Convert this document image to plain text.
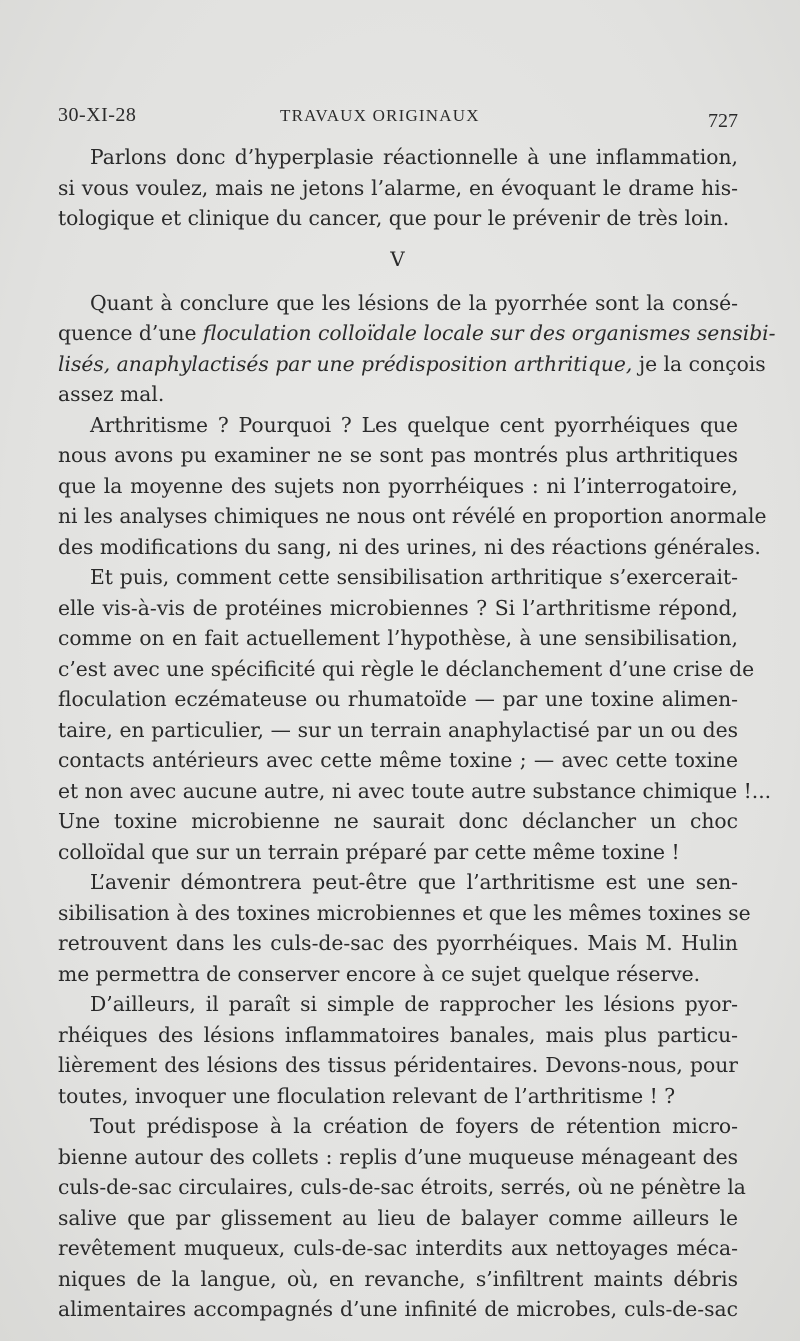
30-XI-28	TRAVAUX ORIGINAUX	727
Parlons donc d’hyperplasie réactionnelle à une inflammation,
si vous voulez, mais ne jetons l’alarme, en évoquant le drame his-
tologique et clinique du cancer, que pour le prévenir de très loin.
V
Quant à conclure que les lésions de la pyorrhée sont la consé-
quence d’une floculation colloïdale locale sur des organismes sensibi-
lisés, anaphylactisés par une prédisposition arthritique, je la conçois
assez mal.
Arthritisme ? Pourquoi ? Les quelque cent pyorrhéiques que
nous avons pu examiner ne se sont pas montrés plus arthritiques
que la moyenne des sujets non pyorrhéiques : ni l’interrogatoire,
ni les analyses chimiques ne nous ont révélé en proportion anormale
des modifications du sang, ni des urines, ni des réactions générales.
Et puis, comment cette sensibilisation arthritique s’exercerait-
elle vis-à-vis de protéines microbiennes ? Si l’arthritisme répond,
comme on en fait actuellement l’hypothèse, à une sensibilisation,
c’est avec une spécificité qui règle le déclanchement d’une crise de
floculation eczémateuse ou rhumatoïde — par une toxine alimen-
taire, en particulier, — sur un terrain anaphylactisé par un ou des
contacts antérieurs avec cette même toxine ; — avec cette toxine
et non avec aucune autre, ni avec toute autre substance chimique !...
Une toxine microbienne ne saurait donc déclancher un choc
colloïdal que sur un terrain préparé par cette même toxine !
L’avenir démontrera peut-être que l’arthritisme est une sen-
sibilisation à des toxines microbiennes et que les mêmes toxines se
retrouvent dans les culs-de-sac des pyorrhéiques. Mais M. Hulin
me permettra de conserver encore à ce sujet quelque réserve.
D’ailleurs, il paraît si simple de rapprocher les lésions pyor-
rhéiques des lésions inflammatoires banales, mais plus particu-
lièrement des lésions des tissus péridentaires. Devons-nous, pour
toutes, invoquer une floculation relevant de l’arthritisme ! ?
Tout prédispose à la création de foyers de rétention micro-
bienne autour des collets : replis d’une muqueuse ménageant des
culs-de-sac circulaires, culs-de-sac étroits, serrés, où ne pénètre la
salive que par glissement au lieu de balayer comme ailleurs le
revêtement muqueux, culs-de-sac interdits aux nettoyages méca-
niques de la langue, où, en revanche, s’infiltrent maints débris
alimentaires accompagnés d’une infinité de microbes, culs-de-sac
